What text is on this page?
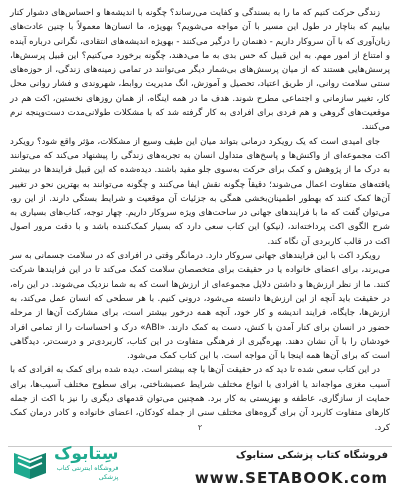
زندگی حرکت کنیم که ما را به بسندگی و کفایت می‌رساند؟ چگونه با اندیشه‌ها و احساس‌های دشوار کنار بیاییم که بناچار در طول این مسیر با آن مواجه می‌شویم؟ بهویژه، ما انسان‌ها معمولاً با چنین عادت‌های زبان‌آوری که با آن سروکار داریم - ذهنمان را درگیر می‌کنند - بهویژه اندیشه‌های انتقادی، نگرانی درباره آینده و امتناع از امور مهم. به این قبیل که حس بدی به ما می‌دهند، چگونه برخورد می‌کنیم؟ این قبیل پرسش‌ها، پرسش‌هایی هستند که از میان پرسش‌های بی‌شمار دیگر می‌توانند در تمامی زمینه‌های زندگی، از حوزه‌های سنتی سلامت روانی، از طریق اعتیاد، تحصیل و آموزش، انگ مدیریت روابط، شهروندی و فشار روانی محل کار، تغییر سازمانی و اجتماعی مطرح شوند. هدف ما در همه اینگاه، از همان روزهای نخستین، اکت هم در موقعیت‌های گروهی و هم فردی برای افرادی به کار گرفته شد که با مشکلات طولانی‌مدت دست‌وپنجه نرم می‌کنند.

جای امیدی است که یک رویکرد درمانی بتواند میان این طیف وسیع از مشکلات، مؤثر واقع شود؟ رویکرد اکت مجموعه‌ای از واکنش‌ها و پاسخ‌های متداول انسان به تجربه‌های زندگی را پیشنهاد می‌کند که می‌توانند به درک ما از پژوهش و کمک برای حرکت به‌سوی جلو مفید باشند. دیده‌شده که این قبیل فرایندها در بیشتر یافته‌های متفاوت اعمال می‌شوند؛ دقیقاً چگونه نقش ایفا می‌کنند و چگونه می‌توانند به بهترین نحو در تغییر آن‌ها کمک کنند که بهطور اطمینان‌بخشی همگی به جزئیات آن موقعیت و شرایط بستگی دارند. از این رو، می‌توان گفت که ما با فرایندهای جهانی در ساحت‌های ویژه سروکار داریم. چهار توجه، کتاب‌های بسیاری به شرح الگوی اکت پرداخته‌اند، (نیکو) این کتاب سعی دارد که بسیار کمک‌کننده باشد و با دقت مرور اصول اکت در قالب کاربردی آن نگاه کند.

رویکرد اکت با این فرایندهای جهانی سروکار دارد. درمانگر وقتی در افرادی که در سلامت جسمانی به سر می‌برند، برای اعضای خانواده یا در حقیقت برای متخصصان سلامت کمک می‌کند تا در این فرایندها شرکت کنند. ما از نظر ارزش‌ها و داشتن دلایل مجموعه‌ای از ارزش‌ها است که به شما نزدیک می‌شوند. در این راه، در حقیقت باید آنچه از این ارزش‌ها دانسته می‌شود، درونی کنیم. با هر سطحی که انسان عمل می‌کند، به ارزش‌ها، جایگاه، فرایند اندیشه و کار خود، آنچه همه درخور بیشتر است، برای مشارکت آن‌ها از مرحله حضور در انسان برای کنار آمدن با کنش، دست به کمک دارند. «ABI» درک و احساسات را از تمامی افراد خودشان را با آن نشان دهند. بهره‌گیری از فرهنگی متفاوت در این کتاب، کاربردی‌تر و درست‌تر، دیدگاهی است که برای آن‌ها همه اینجا با آن مواجه است. با این کتاب کمک می‌شود.

در این کتاب سعی شده تا دید که در حقیقت آن‌ها با چه بیشتر است. دیده شده برای کمک به افرادی که با آسیب مغزی مواجه‌اند یا افرادی با انواع مختلف شرایط عصبشناختی، برای سطوح مختلف آسیب‌ها، برای حمایت از سازگاری، عاطفه و بهزیستی به کار برد. همچنین می‌توان قدمهای دیگری را نیز با اکت از جمله کارهای متفاوت کاربرد آن برای گروه‌های مختلف سنی از جمله کودکان، اعضای خانواده و کادر درمان کمک کرد.

۲
سِتابوک
فروشگاه اینترنتی کتاب پزشکی
فروشگاه کتاب پزشکی ستابوک
www.SETABOOK.com
